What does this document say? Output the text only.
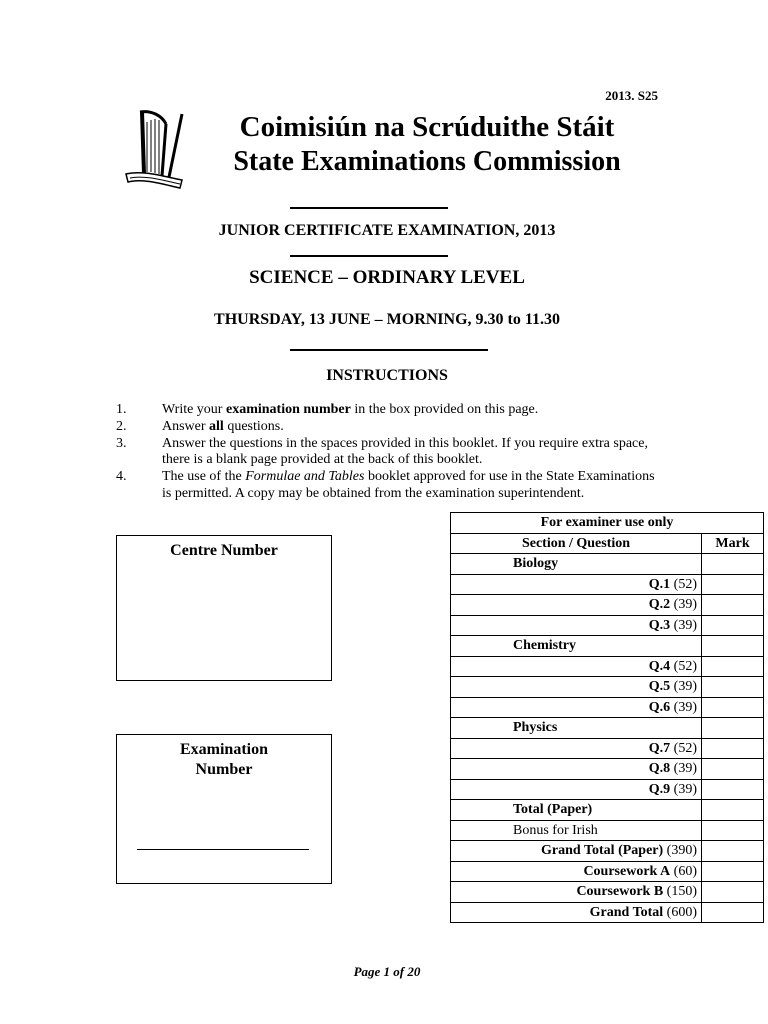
2013. S25
Coimisiún na Scrúduithe Stáit
State Examinations Commission
JUNIOR CERTIFICATE EXAMINATION, 2013
SCIENCE – ORDINARY LEVEL
THURSDAY, 13 JUNE – MORNING, 9.30 to 11.30
INSTRUCTIONS
1.	Write your examination number in the box provided on this page.
2.	Answer all questions.
3.	Answer the questions in the spaces provided in this booklet. If you require extra space, there is a blank page provided at the back of this booklet.
4.	The use of the Formulae and Tables booklet approved for use in the State Examinations is permitted. A copy may be obtained from the examination superintendent.
Centre Number
Examination
Number
For examiner use only	
Section / Question	Mark
Biology	
Q.1 (52)	
Q.2 (39)	
Q.3 (39)	
Chemistry	
Q.4 (52)	
Q.5 (39)	
Q.6 (39)	
Physics	
Q.7 (52)	
Q.8 (39)	
Q.9 (39)	
Total (Paper)	
Bonus for Irish	
Grand Total (Paper) (390)	
Coursework A (60)	
Coursework B (150)	
Grand Total (600)	
Page 1 of 20
